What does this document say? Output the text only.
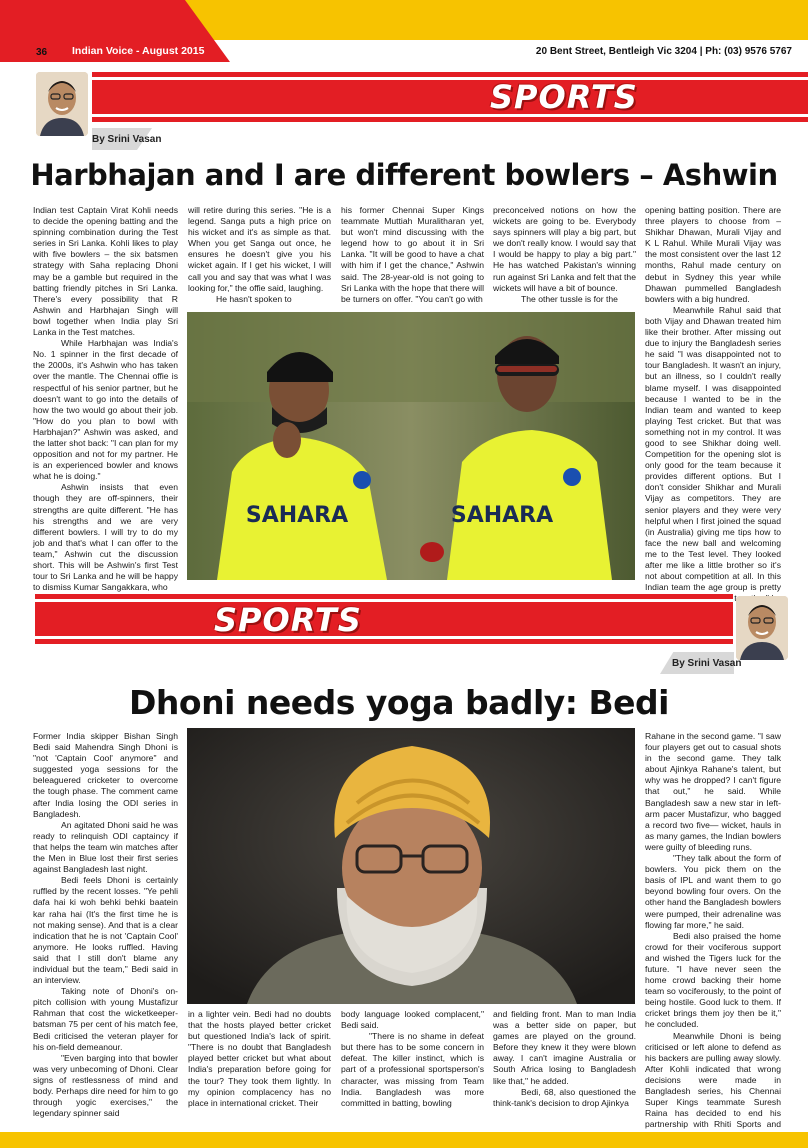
36 Indian Voice - August 2015	20 Bent Street, Bentleigh Vic 3204 | Ph: (03) 9576 5767
SPORTS
By Srini Vasan
Harbhajan and I are different bowlers – Ashwin

Indian test Captain Virat Kohli needs to decide the opening batting and the spinning combination during the Test series in Sri Lanka. Kohli likes to play with five bowlers – the six batsmen strategy with Saha replacing Dhoni may be a gamble but required in the batting friendly pitches in Sri Lanka. There's every possibility that R Ashwin and Harbhajan Singh will bowl together when India play Sri Lanka in the Test matches.

While Harbhajan was India's No. 1 spinner in the first decade of the 2000s, it's Ashwin who has taken over the mantle. The Chennai offie is respectful of his senior partner, but he doesn't want to go into the details of how the two would go about their job. "How do you plan to bowl with Harbhajan?" Ashwin was asked, and the latter shot back: "I can plan for my opposition and not for my partner. He is an experienced bowler and knows what he is doing."

Ashwin insists that even though they are off-spinners, their strengths are quite different. "He has his strengths and we are very different bowlers. I will try to do my job and that's what I can offer to the team," Ashwin cut the discussion short. This will be Ashwin's first Test tour to Sri Lanka and he will be happy to dismiss Kumar Sangakkara, who

will retire during this series. "He is a legend. Sanga puts a high price on his wicket and it's as simple as that. When you get Sanga out once, he ensures he doesn't give you his wicket again. If I get his wicket, I will call you and say that was what I was looking for," the offie said, laughing.

He hasn't spoken to

his former Chennai Super Kings teammate Muttiah Muralitharan yet, but won't mind discussing with the legend how to go about it in Sri Lanka. "It will be good to have a chat with him if I get the chance," Ashwin said. The 28-year-old is not going to Sri Lanka with the hope that there will be turners on offer. "You can't go with

preconceived notions on how the wickets are going to be. Everybody says spinners will play a big part, but we don't really know. I would say that I would be happy to play a big part." He has watched Pakistan's winning run against Sri Lanka and felt that the wickets will have a bit of bounce.

The other tussle is for the

opening batting position. There are three players to choose from – Shikhar Dhawan, Murali Vijay and K L Rahul. While Murali Vijay was the most consistent over the last 12 months, Rahul made century on debut in Sydney this year while Dhawan pummelled Bangladesh bowlers with a big hundred.

Meanwhile Rahul said that both Vijay and Dhawan treated him like their brother. After missing out due to injury the Bangladesh series he said "I was disappointed not to tour Bangladesh. It wasn't an injury, but an illness, so I couldn't really blame myself. I was disappointed because I wanted to be in the Indian team and wanted to keep playing Test cricket. But that was something not in my control. It was good to see Shikhar doing well. Competition for the opening slot is only good for the team because it provides different options. But I don't consider Shikhar and Murali Vijay as competitors. They are senior players and they were very helpful when I first joined the squad (in Australia) giving me tips how to face the new ball and welcoming me to the Test level. They looked after me like a little brother so it's not about competition at all. In this Indian team the age group is pretty

SAHARA	SAHARA
SPORTS
By Srini Vasan
Dhoni needs yoga badly: Bedi

Former India skipper Bishan Singh Bedi said Mahendra Singh Dhoni is "not 'Captain Cool' anymore" and suggested yoga sessions for the beleaguered cricketer to overcome the tough phase. The comment came after India losing the ODI series in Bangladesh.

An agitated Dhoni said he was ready to relinquish ODI captaincy if that helps the team win matches after the Men in Blue lost their first series against Bangladesh last night.

Bedi feels Dhoni is certainly ruffled by the recent losses. "Ye pehli dafa hai ki woh behki behki baatein kar raha hai (It's the first time he is not making sense). And that is a clear indication that he is not 'Captain Cool' anymore. He looks ruffled. Having said that I still don't blame any individual but the team," Bedi said in an interview.

Taking note of Dhoni's on-pitch collision with young Mustafizur Rahman that cost the wicketkeeper-batsman 75 per cent of his match fee, Bedi criticised the veteran player for his on-field demeanour.

"Even barging into that bowler was very unbecoming of Dhoni. Clear signs of restlessness of mind and body. Perhaps dire need for him to go through yogic exercises," the legendary spinner said

in a lighter vein. Bedi had no doubts that the hosts played better cricket but questioned India's lack of spirit. "There is no doubt that Bangladesh played better cricket but what about India's preparation before going for the tour? They took them lightly. In my opinion complacency has no place in international cricket. Their

body language looked complacent," Bedi said.

"There is no shame in defeat but there has to be some concern in defeat. The killer instinct, which is part of a professional sportsperson's character, was missing from Team India. Bangladesh was more committed in batting, bowling

and fielding front. Man to man India was a better side on paper, but games are played on the ground. Before they knew it they were blown away. I can't imagine Australia or South Africa losing to Bangladesh like that," he added.

Bedi, 68, also questioned the think-tank's decision to drop Ajinkya

Rahane in the second game. "I saw four players get out to casual shots in the second game. They talk about Ajinkya Rahane's talent, but why was he dropped? I can't figure that out," he said. While Bangladesh saw a new star in left-arm pacer Mustafizur, who bagged a record two five— wicket, hauls in as many games, the Indian bowlers were guilty of bleeding runs.

"They talk about the form of bowlers. You pick them on the basis of IPL and want them to go beyond bowling four overs. On the other hand the Bangladesh bowlers were pumped, their adrenaline was flowing far more," he said.

Bedi also praised the home crowd for their vociferous support and wished the Tigers luck for the future. "I have never seen the home crowd backing their home team so vociferously, to the point of being hostile. Good luck to them. If cricket brings them joy then be it," he concluded.

Meanwhile Dhoni is being criticised or left alone to defend as his backers are pulling away slowly. After Kohli indicated that wrong decisions were made in Bangladesh series, his Chennai Super Kings teammate Suresh Raina has decided to end his partnership with Rhiti Sports and
